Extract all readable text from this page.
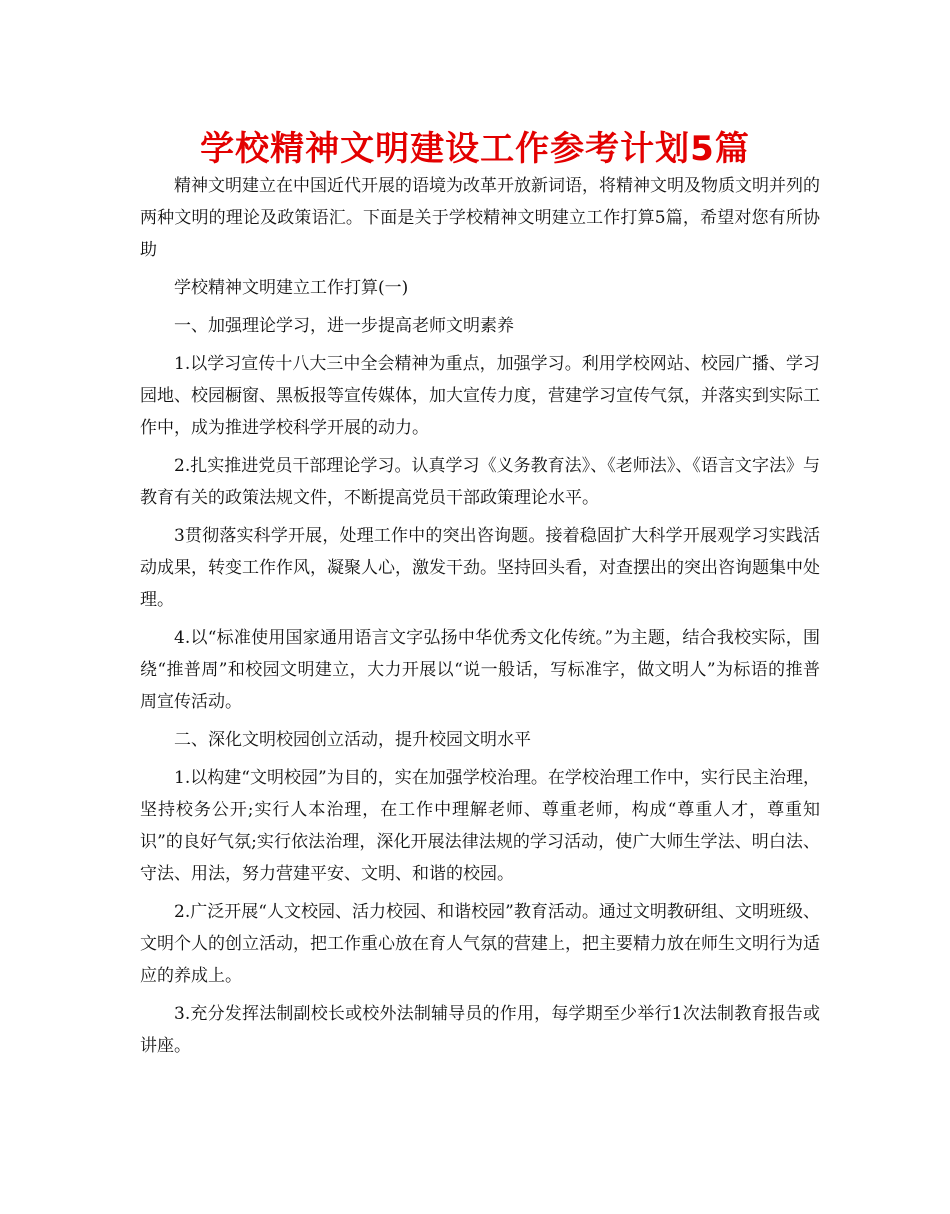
学校精神文明建设工作参考计划5篇

精神文明建立在中国近代开展的语境为改革开放新词语，将精神文明及物质文明并列的两种文明的理论及政策语汇。下面是关于学校精神文明建立工作打算5篇，希望对您有所协助

学校精神文明建立工作打算(一)

一、加强理论学习，进一步提高老师文明素养

1.以学习宣传十八大三中全会精神为重点，加强学习。利用学校网站、校园广播、学习园地、校园橱窗、黑板报等宣传媒体，加大宣传力度，营建学习宣传气氛，并落实到实际工作中，成为推进学校科学开展的动力。

2.扎实推进党员干部理论学习。认真学习《义务教育法》、《老师法》、《语言文字法》与教育有关的政策法规文件，不断提高党员干部政策理论水平。

3贯彻落实科学开展，处理工作中的突出咨询题。接着稳固扩大科学开展观学习实践活动成果，转变工作作风，凝聚人心，激发干劲。坚持回头看，对查摆出的突出咨询题集中处理。

4.以“标准使用国家通用语言文字弘扬中华优秀文化传统。”为主题，结合我校实际，围绕“推普周”和校园文明建立，大力开展以“说一般话，写标准字，做文明人”为标语的推普周宣传活动。

二、深化文明校园创立活动，提升校园文明水平

1.以构建“文明校园”为目的，实在加强学校治理。在学校治理工作中，实行民主治理，坚持校务公开;实行人本治理，在工作中理解老师、尊重老师，构成“尊重人才，尊重知识”的良好气氛;实行依法治理，深化开展法律法规的学习活动，使广大师生学法、明白法、守法、用法，努力营建平安、文明、和谐的校园。

2.广泛开展“人文校园、活力校园、和谐校园”教育活动。通过文明教研组、文明班级、文明个人的创立活动，把工作重心放在育人气氛的营建上，把主要精力放在师生文明行为适应的养成上。

3.充分发挥法制副校长或校外法制辅导员的作用，每学期至少举行1次法制教育报告或讲座。
